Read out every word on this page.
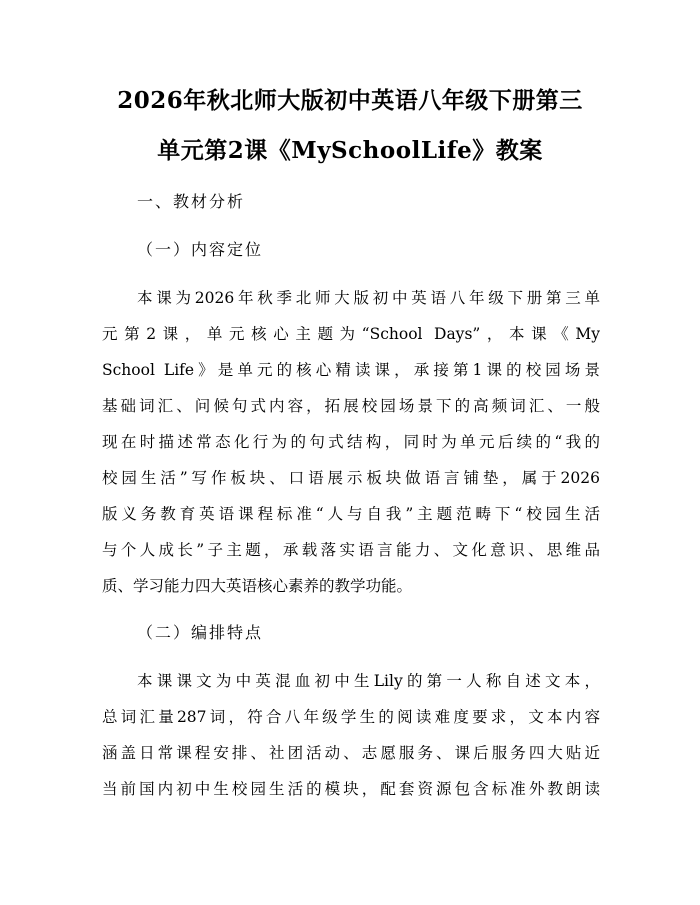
2026年秋北师大版初中英语八年级下册第三
单元第2课《MySchoolLife》教案
一、教材分析
（一）内容定位
本课为2026年秋季北师大版初中英语八年级下册第三单
元第2课，单元核心主题为“School Days”，本课《My
School Life》是单元的核心精读课，承接第1课的校园场景
基础词汇、问候句式内容，拓展校园场景下的高频词汇、一般
现在时描述常态化行为的句式结构，同时为单元后续的“我的
校园生活”写作板块、口语展示板块做语言铺垫，属于2026
版义务教育英语课程标准“人与自我”主题范畴下“校园生活
与个人成长”子主题，承载落实语言能力、文化意识、思维品
质、学习能力四大英语核心素养的教学功能。
（二）编排特点
本课课文为中英混血初中生Lily的第一人称自述文本，
总词汇量287词，符合八年级学生的阅读难度要求，文本内容
涵盖日常课程安排、社团活动、志愿服务、课后服务四大贴近
当前国内初中生校园生活的模块，配套资源包含标准外教朗读
